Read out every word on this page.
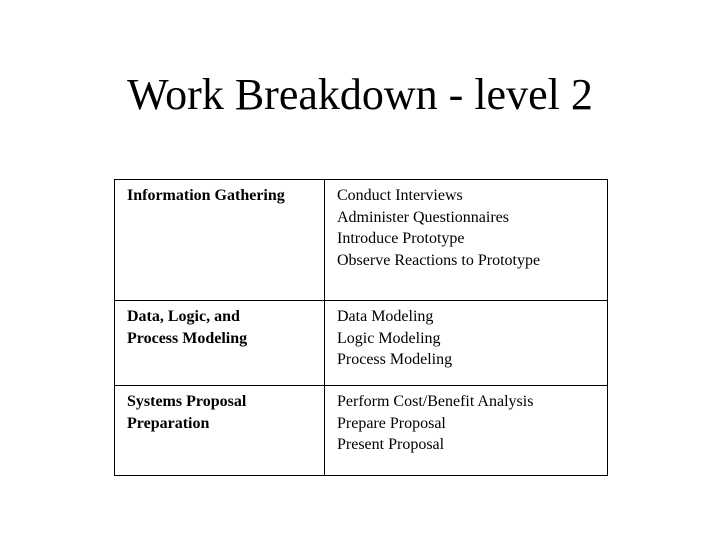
Work Breakdown - level 2
Information Gathering	Conduct Interviews
Administer Questionnaires
Introduce Prototype
Observe Reactions to Prototype

Data, Logic, and
Process Modeling	Data Modeling
Logic Modeling
Process Modeling

Systems Proposal
Preparation	Perform Cost/Benefit Analysis
Prepare Proposal
Present Proposal
